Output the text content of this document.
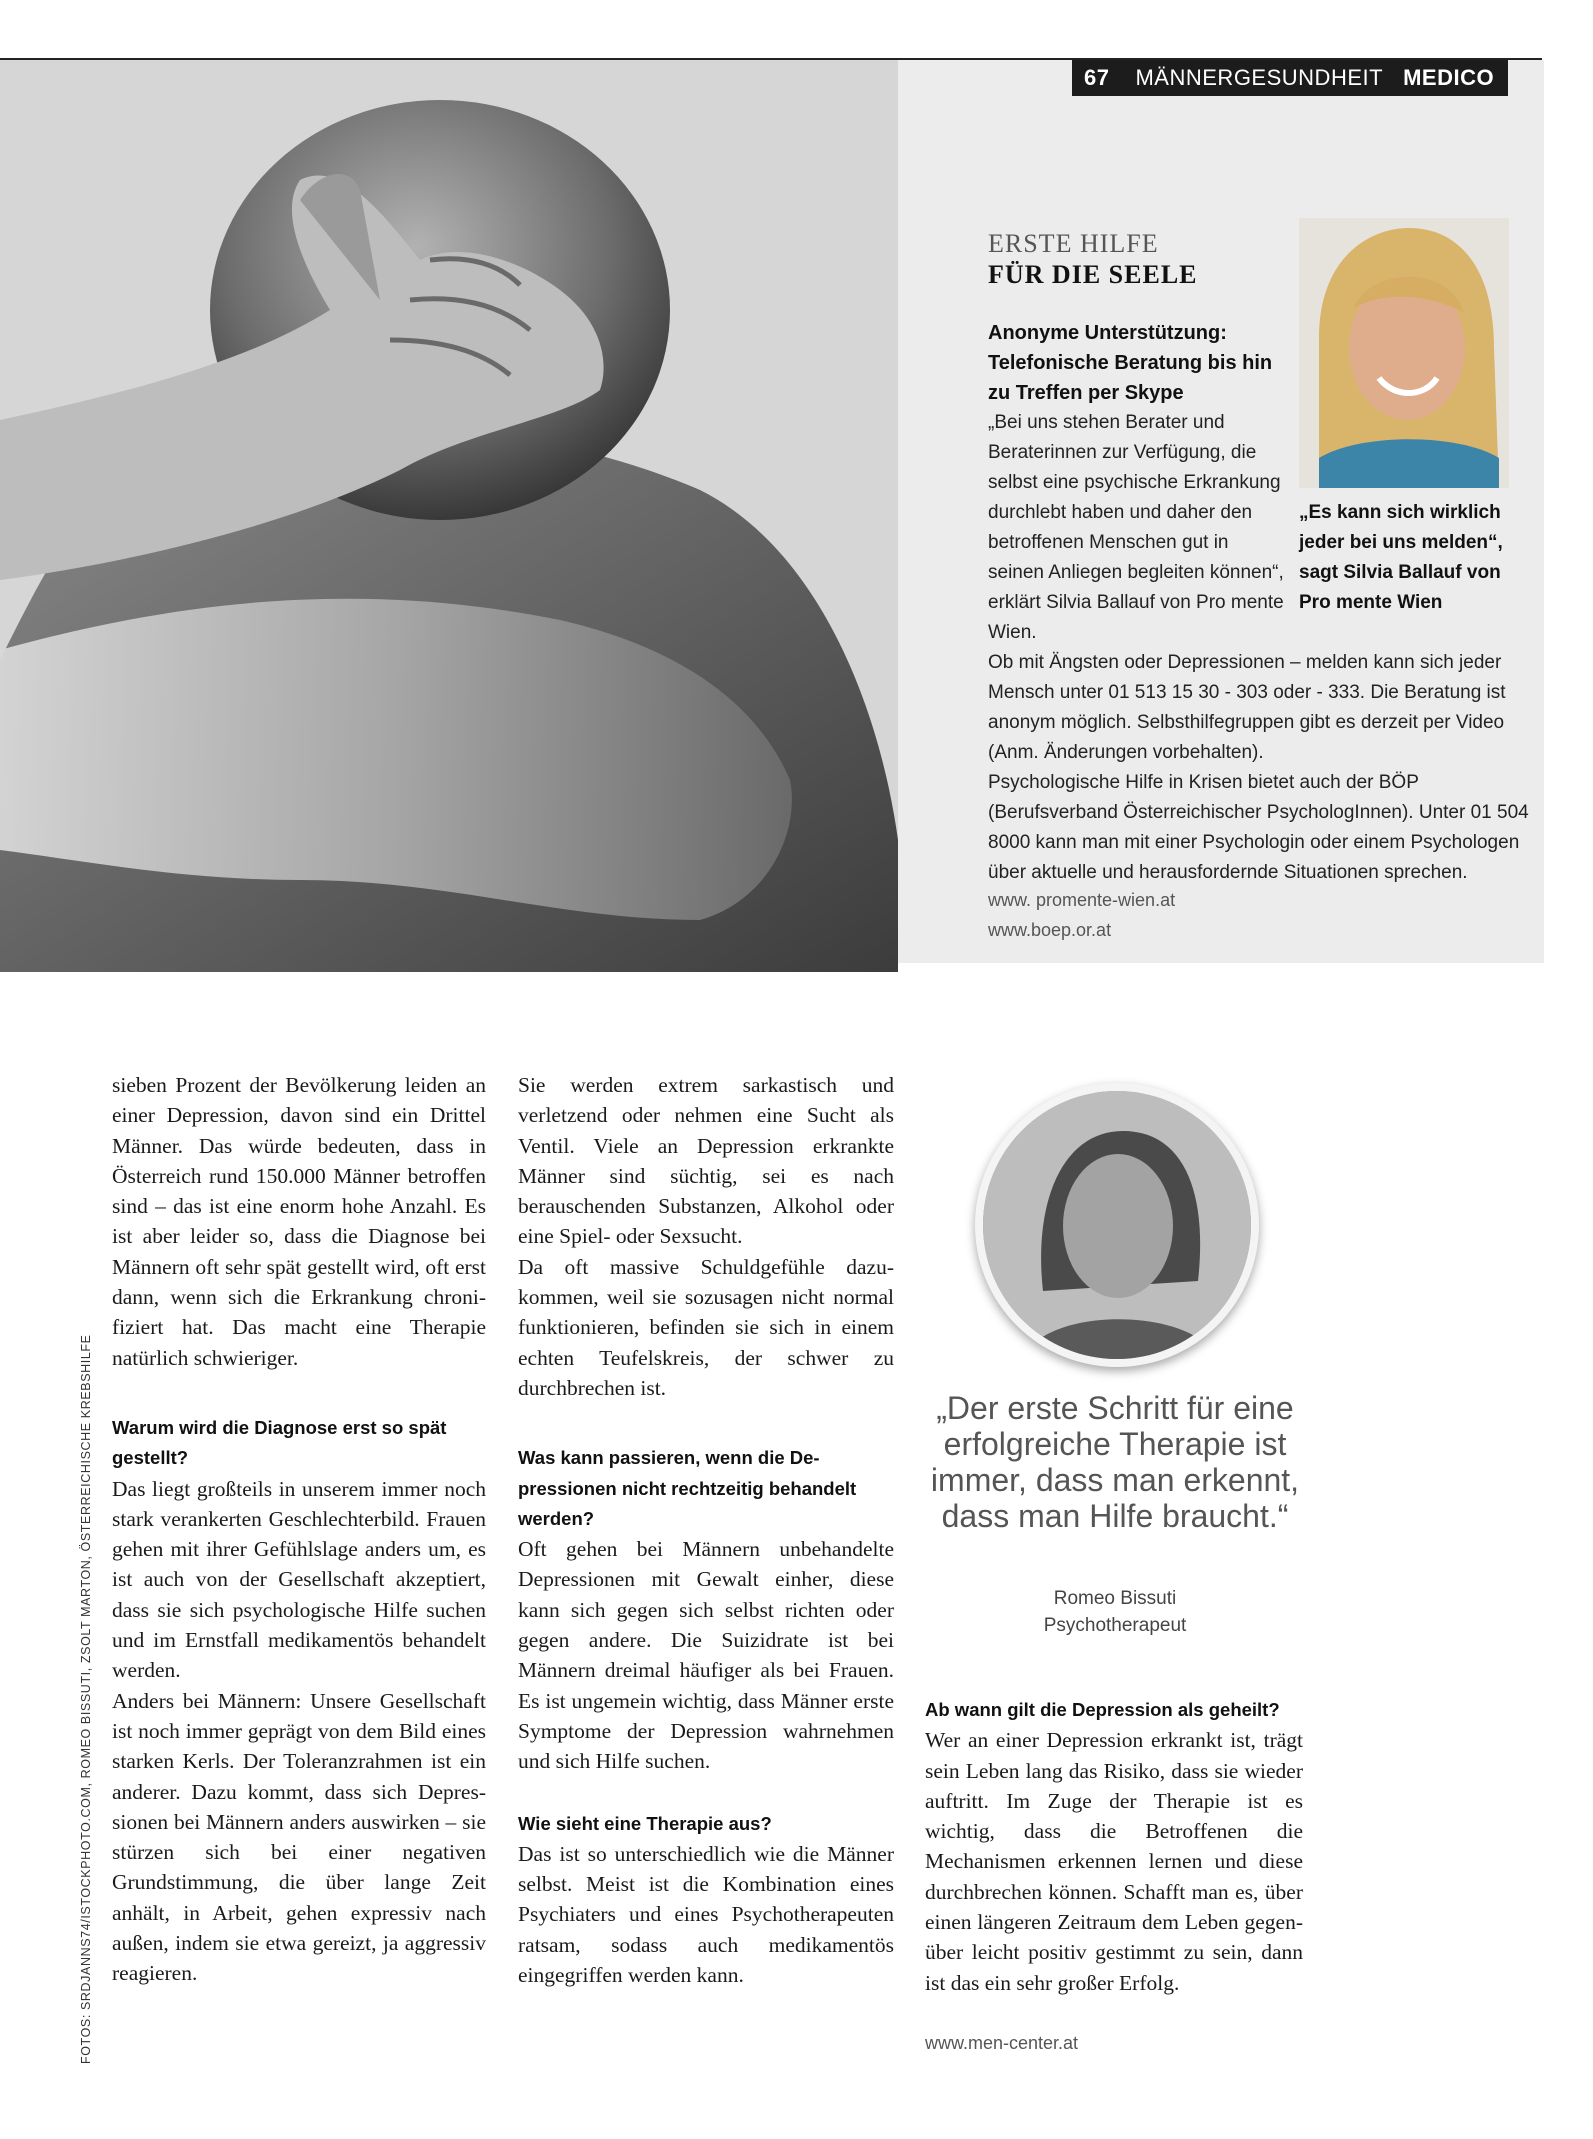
67 MÄNNERGESUNDHEIT MEDICO
ERSTE HILFE
FÜR DIE SEELE
Anonyme Unterstützung: Telefonische Beratung bis hin zu Treffen per Skype
„Bei uns stehen Berater und Beraterinnen zur Verfügung, die selbst eine psychische Erkrankung durchlebt haben und daher den betroffenen Menschen gut in seinen Anliegen begleiten können“, erklärt Silvia Ballauf von Pro mente Wien.
„Es kann sich wirklich jeder bei uns melden“, sagt Silvia Ballauf von Pro mente Wien
Ob mit Ängsten oder Depressionen – melden kann sich jeder Mensch unter 01 513 15 30 - 303 oder - 333. Die Beratung ist anonym möglich. Selbsthilfegruppen gibt es derzeit per Video (Anm. Änderungen vorbehalten).
Psychologische Hilfe in Krisen bietet auch der BÖP (Berufsverband Österreichischer PsychologInnen). Unter 01 504 8000 kann man mit einer Psychologin oder einem Psychologen über aktuelle und herausfordernde Situationen sprechen.
www. promente-wien.at
www.boep.or.at
FOTOS: SRDJANNS74/ISTOCKPHOTO.COM, ROMEO BISSUTI, ZSOLT MARTON, ÖSTERREICHISCHE KREBSHILFE

sieben Prozent der Bevölkerung leiden an einer Depression, davon sind ein Drittel Männer. Das würde bedeuten, dass in Österreich rund 150.000 Männer betroffen sind – das ist eine enorm hohe Anzahl. Es ist aber leider so, dass die Diagnose bei Männern oft sehr spät gestellt wird, oft erst dann, wenn sich die Erkrankung chronifiziert hat. Das macht eine Therapie natürlich schwieriger.

Warum wird die Diagnose erst so spät gestellt?

Das liegt großteils in unserem immer noch stark verankerten Geschlechterbild. Frauen gehen mit ihrer Gefühlslage anders um, es ist auch von der Gesellschaft akzeptiert, dass sie sich psychologische Hilfe suchen und im Ernstfall medikamentös behandelt werden.

Anders bei Männern: Unsere Gesellschaft ist noch immer geprägt von dem Bild eines starken Kerls. Der Toleranzrahmen ist ein anderer. Dazu kommt, dass sich Depressionen bei Männern anders auswirken – sie stürzen sich bei einer negativen Grundstimmung, die über lange Zeit anhält, in Arbeit, gehen expressiv nach außen, indem sie etwa gereizt, ja aggressiv reagieren.

Sie werden extrem sarkastisch und verletzend oder nehmen eine Sucht als Ventil. Viele an Depression erkrankte Männer sind süchtig, sei es nach berauschenden Substanzen, Alkohol oder eine Spiel- oder Sexsucht.

Da oft massive Schuldgefühle dazukommen, weil sie sozusagen nicht normal funktionieren, befinden sie sich in einem echten Teufelskreis, der schwer zu durchbrechen ist.

Was kann passieren, wenn die Depressionen nicht rechtzeitig behandelt werden?

Oft gehen bei Männern unbehandelte Depressionen mit Gewalt einher, diese kann sich gegen sich selbst richten oder gegen andere. Die Suizidrate ist bei Männern dreimal häufiger als bei Frauen. Es ist ungemein wichtig, dass Männer erste Symptome der Depression wahrnehmen und sich Hilfe suchen.

Wie sieht eine Therapie aus?

Das ist so unterschiedlich wie die Männer selbst. Meist ist die Kombination eines Psychiaters und eines Psychotherapeuten ratsam, sodass auch medikamentös eingegriffen werden kann.

„Der erste Schritt für eine erfolgreiche Therapie ist immer, dass man erkennt, dass man Hilfe braucht.“
Romeo Bissuti
Psychotherapeut
Ab wann gilt die Depression als geheilt?

Wer an einer Depression erkrankt ist, trägt sein Leben lang das Risiko, dass sie wieder auftritt. Im Zuge der Therapie ist es wichtig, dass die Betroffenen die Mechanismen erkennen lernen und diese durchbrechen können. Schafft man es, über einen längeren Zeitraum dem Leben gegenüber leicht positiv gestimmt zu sein, dann ist das ein sehr großer Erfolg.

www.men-center.at
